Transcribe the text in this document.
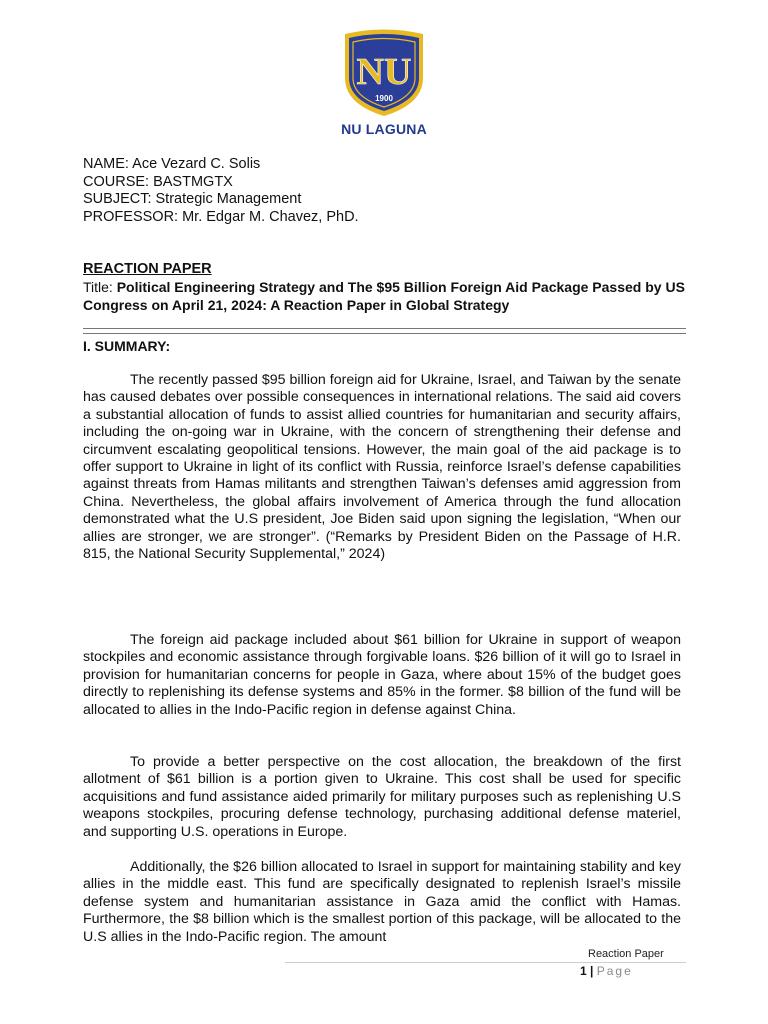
NU
1900
NU LAGUNA
NAME: Ace Vezard C. Solis
COURSE: BASTMGTX
SUBJECT: Strategic Management
PROFESSOR: Mr. Edgar M. Chavez, PhD.
REACTION PAPER
Title: Political Engineering Strategy and The $95 Billion Foreign Aid Package Passed by US Congress on April 21, 2024: A Reaction Paper in Global Strategy
I. SUMMARY:

The recently passed $95 billion foreign aid for Ukraine, Israel, and Taiwan by the senate has caused debates over possible consequences in international relations. The said aid covers a substantial allocation of funds to assist allied countries for humanitarian and security affairs, including the on-going war in Ukraine, with the concern of strengthening their defense and circumvent escalating geopolitical tensions. However, the main goal of the aid package is to offer support to Ukraine in light of its conflict with Russia, reinforce Israel’s defense capabilities against threats from Hamas militants and strengthen Taiwan’s defenses amid aggression from China. Nevertheless, the global affairs involvement of America through the fund allocation demonstrated what the U.S president, Joe Biden said upon signing the legislation, “When our allies are stronger, we are stronger”. (“Remarks by President Biden on the Passage of H.R. 815, the National Security Supplemental,” 2024)

The foreign aid package included about $61 billion for Ukraine in support of weapon stockpiles and economic assistance through forgivable loans. $26 billion of it will go to Israel in provision for humanitarian concerns for people in Gaza, where about 15% of the budget goes directly to replenishing its defense systems and 85% in the former. $8 billion of the fund will be allocated to allies in the Indo-Pacific region in defense against China.

To provide a better perspective on the cost allocation, the breakdown of the first allotment of $61 billion is a portion given to Ukraine. This cost shall be used for specific acquisitions and fund assistance aided primarily for military purposes such as replenishing U.S weapons stockpiles, procuring defense technology, purchasing additional defense materiel, and supporting U.S. operations in Europe.

Additionally, the $26 billion allocated to Israel in support for maintaining stability and key allies in the middle east. This fund are specifically designated to replenish Israel’s missile defense system and humanitarian assistance in Gaza amid the conflict with Hamas. Furthermore, the $8 billion which is the smallest portion of this package, will be allocated to the U.S allies in the Indo-Pacific region. The amount

Reaction Paper
1 | Page
